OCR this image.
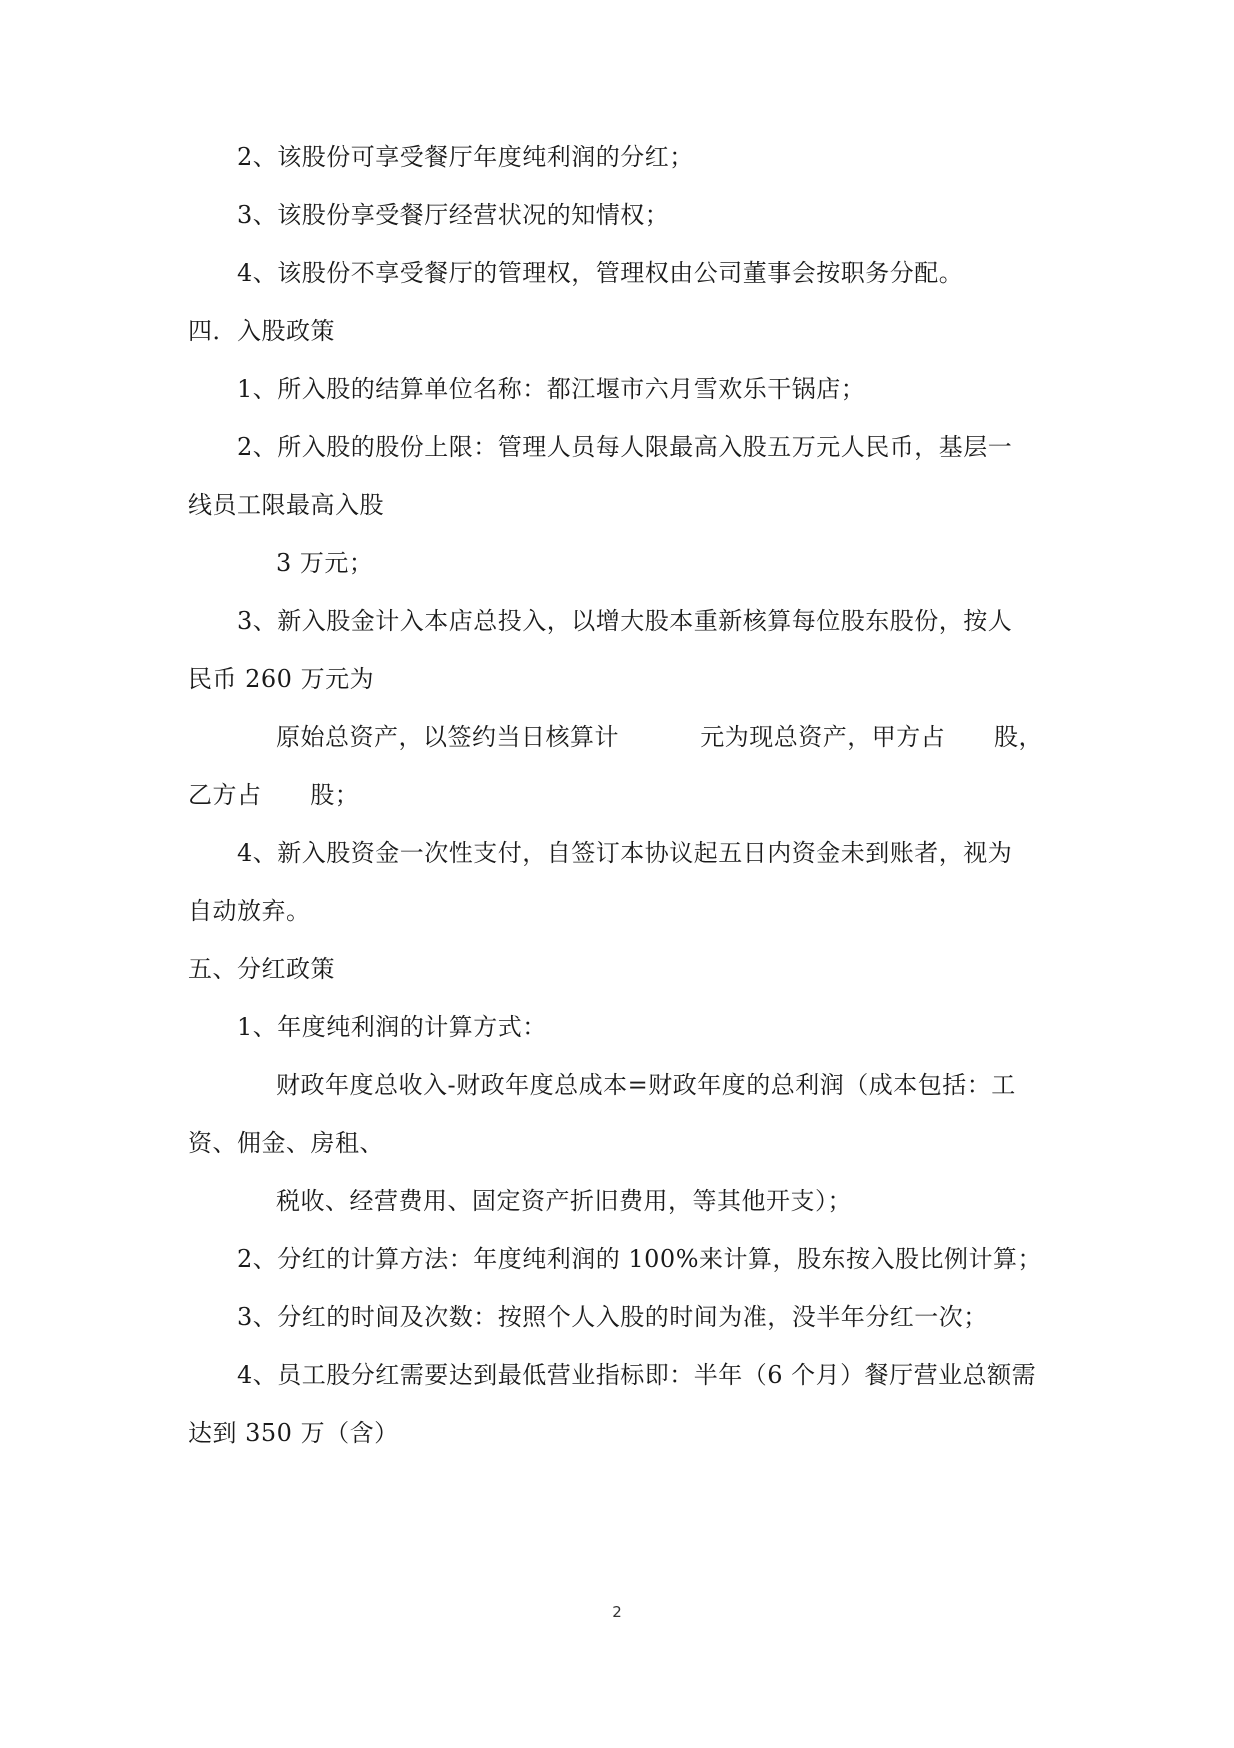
2、该股份可享受餐厅年度纯利润的分红；
3、该股份享受餐厅经营状况的知情权；
4、该股份不享受餐厅的管理权，管理权由公司董事会按职务分配。
四．入股政策
1、所入股的结算单位名称：都江堰市六月雪欢乐干锅店；
2、所入股的股份上限：管理人员每人限最高入股五万元人民币，基层一
线员工限最高入股
3 万元；
3、新入股金计入本店总投入，以增大股本重新核算每位股东股份，按人
民币 260 万元为
原始总资产，以签约当日核算计          元为现总资产，甲方占      股，
乙方占      股；
4、新入股资金一次性支付，自签订本协议起五日内资金未到账者，视为
自动放弃。
五、分红政策
1、年度纯利润的计算方式：
财政年度总收入-财政年度总成本=财政年度的总利润（成本包括：工
资、佣金、房租、
税收、经营费用、固定资产折旧费用，等其他开支）；
2、分红的计算方法：年度纯利润的 100%来计算，股东按入股比例计算；
3、分红的时间及次数：按照个人入股的时间为准，没半年分红一次；
4、员工股分红需要达到最低营业指标即：半年（6 个月）餐厅营业总额需
达到 350 万（含）
2
